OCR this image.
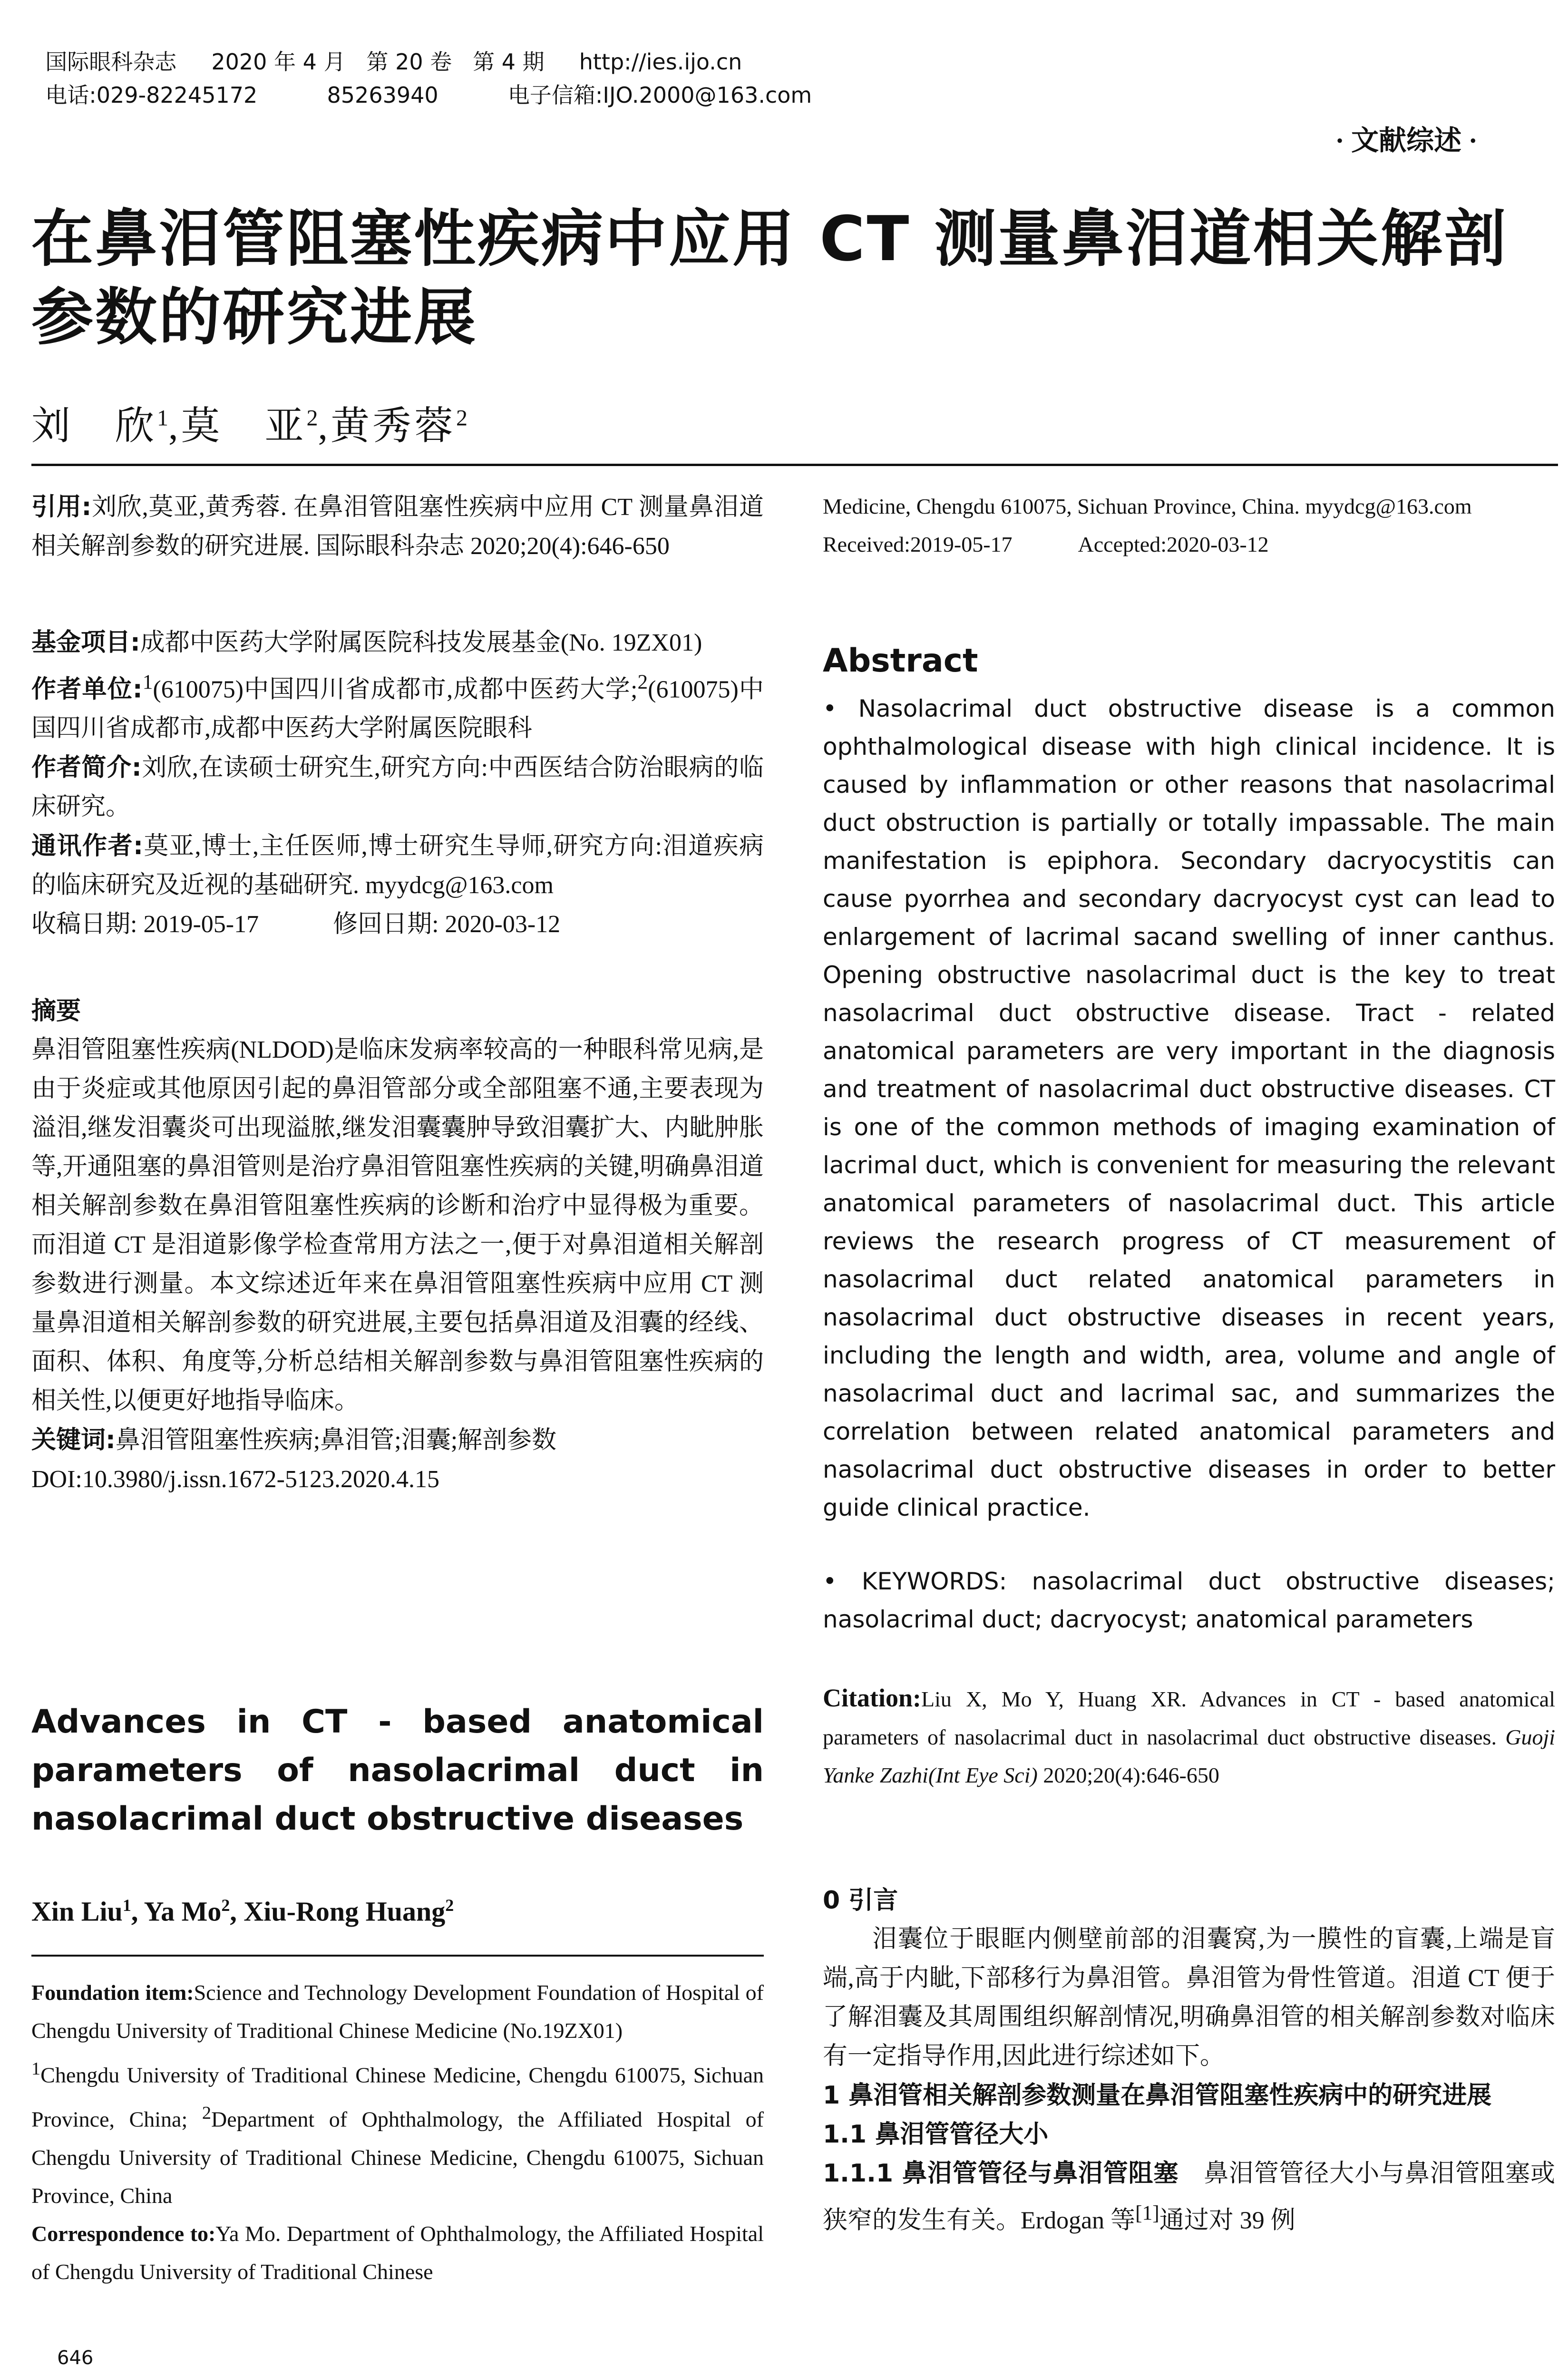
国际眼科杂志 2020 年 4 月   第 20 卷   第 4 期 http://ies.ijo.cn

电话:029-82245172	85263940	电子信箱:IJO.2000@163.com

· 文献综述 ·
在鼻泪管阻塞性疾病中应用 CT 测量鼻泪道相关解剖参数的研究进展
刘　欣$^1$,莫　亚$^2$,黄秀蓉$^2$

引用:刘欣,莫亚,黄秀蓉. 在鼻泪管阻塞性疾病中应用 CT 测量鼻泪道相关解剖参数的研究进展. 国际眼科杂志 2020;20(4):646-650

基金项目:成都中医药大学附属医院科技发展基金(No. 19ZX01)

作者单位:$^1$(610075)中国四川省成都市,成都中医药大学;$^2$(610075)中国四川省成都市,成都中医药大学附属医院眼科

作者简介:刘欣,在读硕士研究生,研究方向:中西医结合防治眼病的临床研究。

通讯作者:莫亚,博士,主任医师,博士研究生导师,研究方向:泪道疾病的临床研究及近视的基础研究. myydcg@163.com

收稿日期: 2019-05-17　　　修回日期: 2020-03-12

摘要

鼻泪管阻塞性疾病(NLDOD)是临床发病率较高的一种眼科常见病,是由于炎症或其他原因引起的鼻泪管部分或全部阻塞不通,主要表现为溢泪,继发泪囊炎可出现溢脓,继发泪囊囊肿导致泪囊扩大、内眦肿胀等,开通阻塞的鼻泪管则是治疗鼻泪管阻塞性疾病的关键,明确鼻泪道相关解剖参数在鼻泪管阻塞性疾病的诊断和治疗中显得极为重要。而泪道 CT 是泪道影像学检查常用方法之一,便于对鼻泪道相关解剖参数进行测量。本文综述近年来在鼻泪管阻塞性疾病中应用 CT 测量鼻泪道相关解剖参数的研究进展,主要包括鼻泪道及泪囊的经线、面积、体积、角度等,分析总结相关解剖参数与鼻泪管阻塞性疾病的相关性,以便更好地指导临床。

关键词:鼻泪管阻塞性疾病;鼻泪管;泪囊;解剖参数

DOI:10.3980/j.issn.1672-5123.2020.4.15

Advances in CT - based anatomical parameters of nasolacrimal duct in nasolacrimal duct obstructive diseases
Xin Liu$^1$, Ya Mo$^2$, Xiu-Rong Huang$^2$

Foundation item:Science and Technology Development Foundation of Hospital of Chengdu University of Traditional Chinese Medicine (No.19ZX01)

$^1$Chengdu University of Traditional Chinese Medicine, Chengdu 610075, Sichuan Province, China; $^2$Department of Ophthalmology, the Affiliated Hospital of Chengdu University of Traditional Chinese Medicine, Chengdu 610075, Sichuan Province, China

Correspondence to:Ya Mo. Department of Ophthalmology, the Affiliated Hospital of Chengdu University of Traditional Chinese

646

Medicine, Chengdu 610075, Sichuan Province, China. myydcg@163.com

Received:2019-05-17　　　	Accepted:2020-03-12

Abstract
• Nasolacrimal duct obstructive disease is a common ophthalmological disease with high clinical incidence. It is caused by inflammation or other reasons that nasolacrimal duct obstruction is partially or totally impassable. The main manifestation is epiphora. Secondary dacryocystitis can cause pyorrhea and secondary dacryocyst cyst can lead to enlargement of lacrimal sacand swelling of inner canthus. Opening obstructive nasolacrimal duct is the key to treat nasolacrimal duct obstructive disease. Tract - related anatomical parameters are very important in the diagnosis and treatment of nasolacrimal duct obstructive diseases. CT is one of the common methods of imaging examination of lacrimal duct, which is convenient for measuring the relevant anatomical parameters of nasolacrimal duct. This article reviews the research progress of CT measurement of nasolacrimal duct related anatomical parameters in nasolacrimal duct obstructive diseases in recent years, including the length and width, area, volume and angle of nasolacrimal duct and lacrimal sac, and summarizes the correlation between related anatomical parameters and nasolacrimal duct obstructive diseases in order to better guide clinical practice.
• KEYWORDS: nasolacrimal duct obstructive diseases; nasolacrimal duct; dacryocyst; anatomical parameters

Citation:Liu X, Mo Y, Huang XR. Advances in CT - based anatomical parameters of nasolacrimal duct in nasolacrimal duct obstructive diseases. Guoji Yanke Zazhi(Int Eye Sci) 2020;20(4):646-650

0 引言

泪囊位于眼眶内侧壁前部的泪囊窝,为一膜性的盲囊,上端是盲端,高于内眦,下部移行为鼻泪管。鼻泪管为骨性管道。泪道 CT 便于了解泪囊及其周围组织解剖情况,明确鼻泪管的相关解剖参数对临床有一定指导作用,因此进行综述如下。

1 鼻泪管相关解剖参数测量在鼻泪管阻塞性疾病中的研究进展

1.1 鼻泪管管径大小

1.1.1 鼻泪管管径与鼻泪管阻塞　 鼻泪管管径大小与鼻泪管阻塞或狭窄的发生有关。Erdogan 等[1]通过对 39 例
